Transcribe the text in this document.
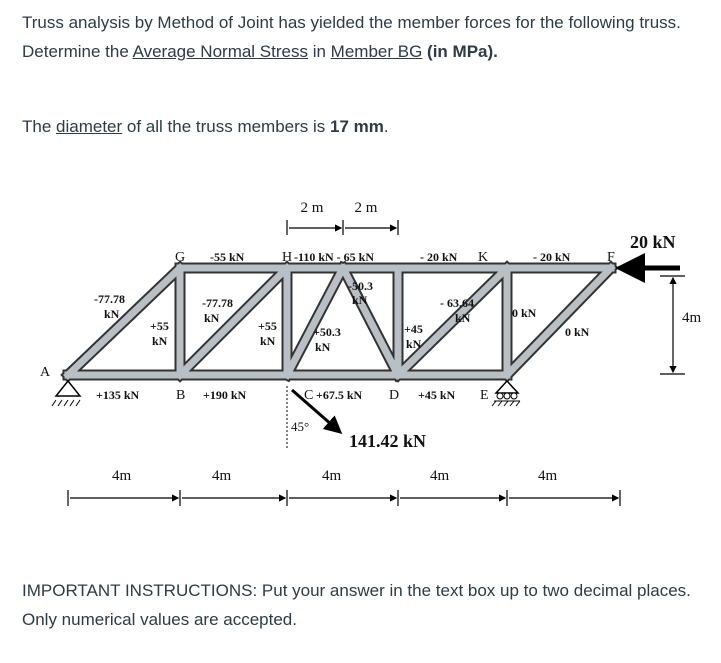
Truss analysis by Method of Joint has yielded the member forces for the following truss. Determine the Average Normal Stress in Member BG (in MPa).

The diameter of all the truss members is 17 mm.

2 m 2 m
20 kN
4m
45°
141.42 kN
A
B	C	D	E
F
G	H	K
-55 kN	-110 kN - 65 kN	- 20 kN	- 20 kN
-77.78
kN
+55
kN
-77.78
kN
+55
kN
-50.3
kN
+50.3
kN
+45
kN
- 63.64
kN	0 kN
0 kN
+135 kN	+190 kN	+67.5 kN	+45 kN
4m	4m	4m	4m	4m

IMPORTANT INSTRUCTIONS: Put your answer in the text box up to two decimal places. Only numerical values are accepted.
